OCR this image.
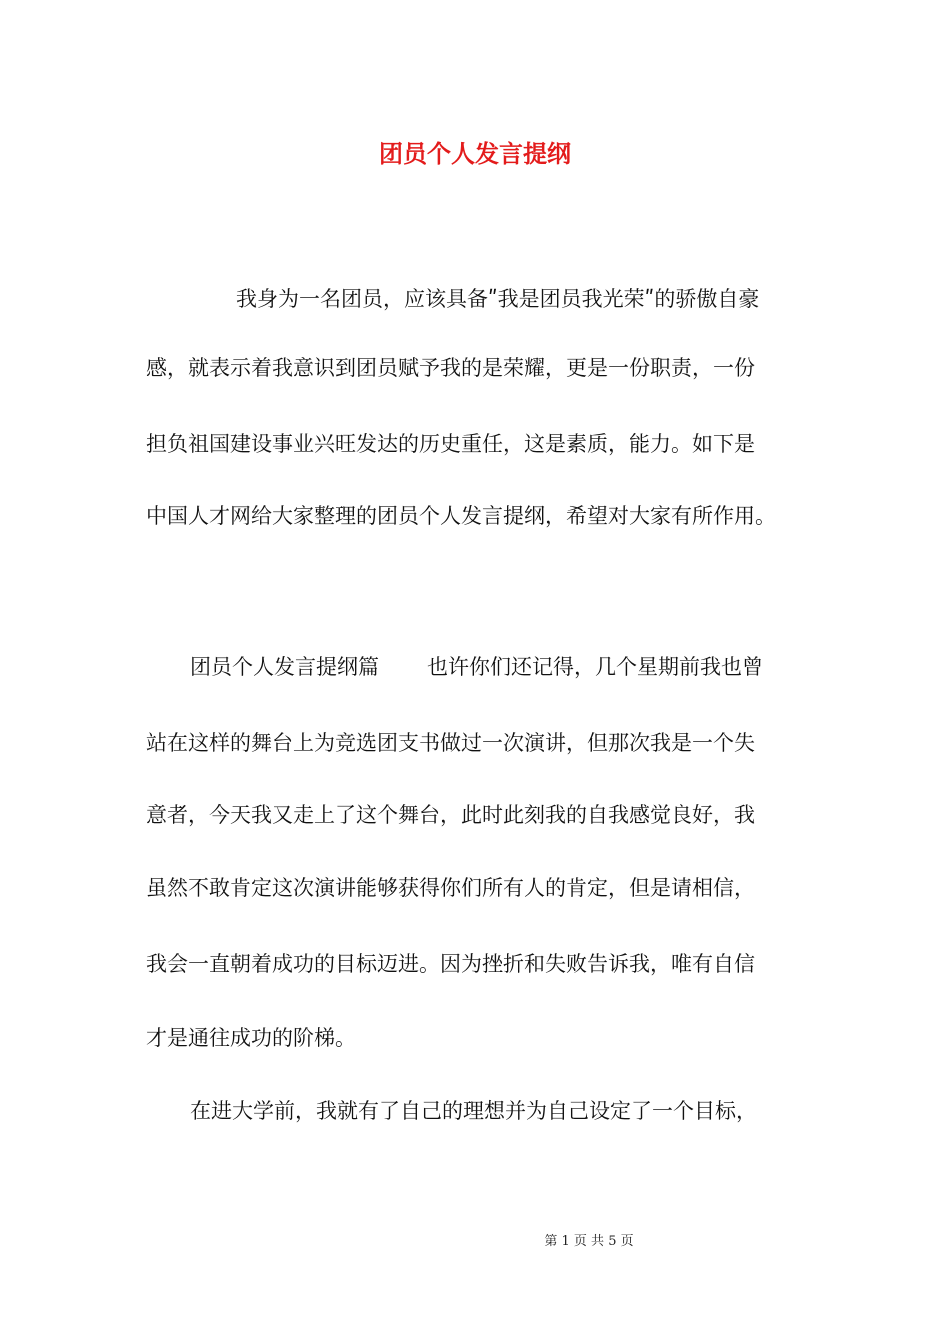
团员个人发言提纲
我身为一名团员，应该具备ʺ我是团员我光荣ʺ的骄傲自豪
感，就表示着我意识到团员赋予我的是荣耀，更是一份职责，一份
担负祖国建设事业兴旺发达的历史重任，这是素质，能力。如下是
中国人才网给大家整理的团员个人发言提纲，希望对大家有所作用。
团员个人发言提纲篇 也许你们还记得，几个星期前我也曾
站在这样的舞台上为竞选团支书做过一次演讲，但那次我是一个失
意者，今天我又走上了这个舞台，此时此刻我的自我感觉良好，我
虽然不敢肯定这次演讲能够获得你们所有人的肯定，但是请相信，
我会一直朝着成功的目标迈进。因为挫折和失败告诉我，唯有自信
才是通往成功的阶梯。
在进大学前，我就有了自己的理想并为自己设定了一个目标，
第 1 页 共 5 页
